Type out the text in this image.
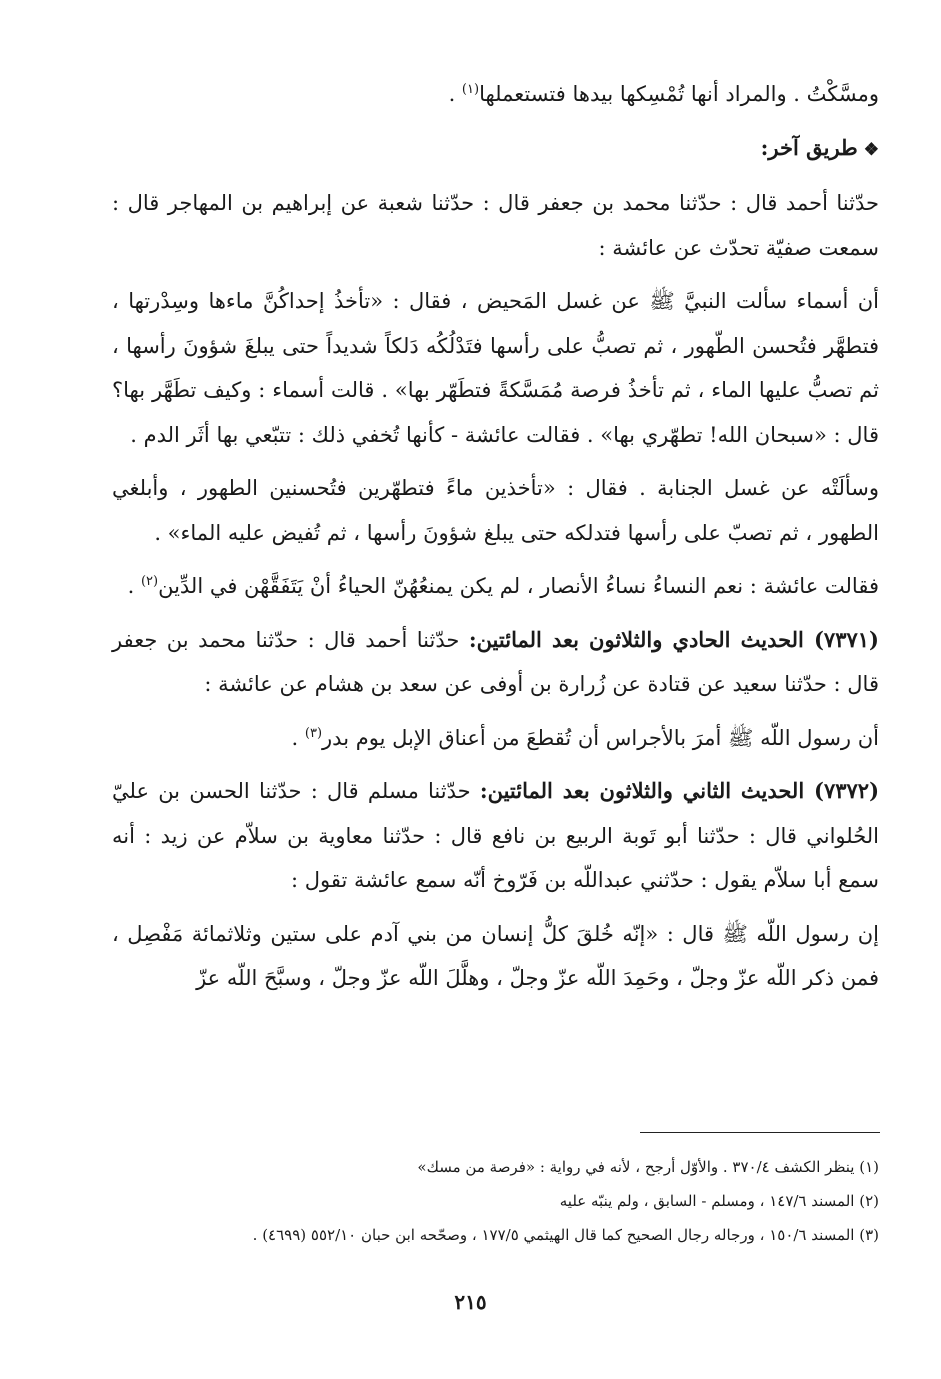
ومسَّكْتُ . والمراد أنها تُمْسِكها بيدها فتستعملها$^{(١)}$ .

❖طريق آخر:

حدّثنا أحمد قال : حدّثنا محمد بن جعفر قال : حدّثنا شعبة عن إبراهيم بن المهاجر قال : سمعت صفيّة تحدّث عن عائشة :

أن أسماء سألت النبيَّ ﷺ عن غسل المَحيض ، فقال : «تأخذُ إحداكُنَّ ماءها وسِدْرتها ، فتطهَّر فتُحسن الطّهور ، ثم تصبُّ على رأسها فتَدْلُكُه دَلكاً شديداً حتى يبلغَ شؤونَ رأسها ، ثم تصبُّ عليها الماء ، ثم تأخذُ فرصة مُمَسَّكةً فتطَهّر بها» . قالت أسماء : وكيف تطَهَّر بها؟ قال : «سبحان الله! تطهّري بها» . فقالت عائشة - كأنها تُخفي ذلك : تتبّعي بها أثَر الدم .

وسألَتْه عن غسل الجنابة . فقال : «تأخذين ماءً فتطهّرين فتُحسنين الطهور ، وأبلغي الطهور ، ثم تصبّ على رأسها فتدلكه حتى يبلغ شؤونَ رأسها ، ثم تُفيض عليه الماء» .

فقالت عائشة : نعم النساءُ نساءُ الأنصار ، لم يكن يمنعُهُنّ الحياءُ أنْ يَتَفَقَّهْن في الدِّين$^{(٢)}$ .

(٧٣٧١) الحديث الحادي والثلاثون بعد المائتين: حدّثنا أحمد قال : حدّثنا محمد بن جعفر قال : حدّثنا سعيد عن قتادة عن زُرارة بن أوفى عن سعد بن هشام عن عائشة :

أن رسول اللّه ﷺ أمرَ بالأجراس أن تُقطعَ من أعناق الإبل يوم بدر$^{(٣)}$ .

(٧٣٧٢) الحديث الثاني والثلاثون بعد المائتين: حدّثنا مسلم قال : حدّثنا الحسن بن عليّ الحُلواني قال : حدّثنا أبو تَوبة الربيع بن نافع قال : حدّثنا معاوية بن سلاّم عن زيد : أنه سمع أبا سلاّم يقول : حدّثني عبداللّه بن فَرّوخ أنّه سمع عائشة تقول :

إن رسول اللّه ﷺ قال : «إنّه خُلقَ كلُّ إنسان من بني آدم على ستين وثلاثمائة مَفْصِل ، فمن ذكر اللّه عزّ وجلّ ، وحَمِدَ اللّه عزّ وجلّ ، وهلَّلَ اللّه عزّ وجلّ ، وسبَّحَ اللّه عزّ

(١) ينظر الكشف ٣٧٠/٤ . والأوّل أرجح ، لأنه في رواية : «فرصة من مسك»
(٢) المسند ١٤٧/٦ ، ومسلم - السابق ، ولم ينبّه عليه
(٣) المسند ١٥٠/٦ ، ورجاله رجال الصحيح كما قال الهيثمي ١٧٧/٥ ، وصحّحه ابن حبان ٥٥٢/١٠ (٤٦٩٩) .
٢١٥
